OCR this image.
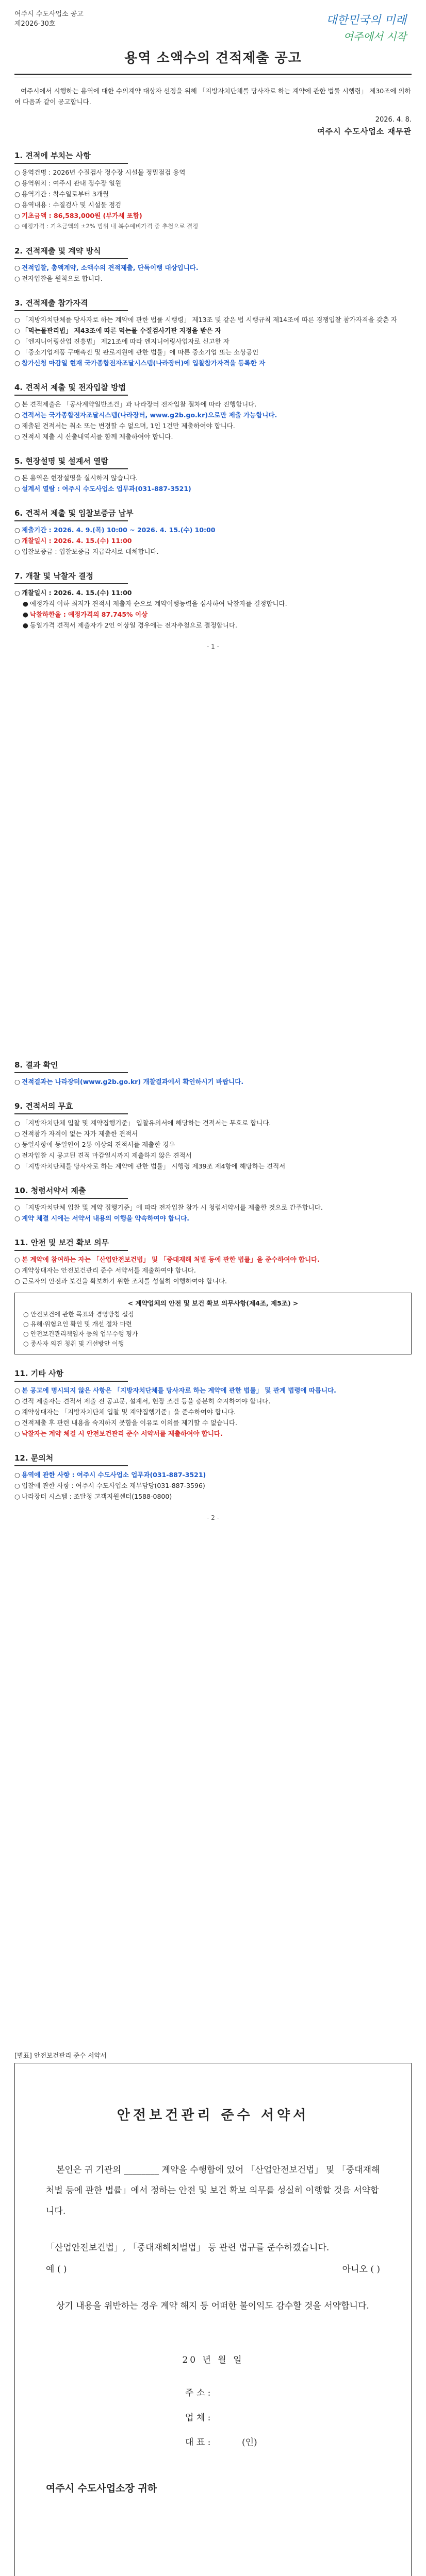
여주시 수도사업소 공고
제2026-30호	대한민국의 미래
여주에서 시작
용역 소액수의 견적제출 공고
여주시에서 시행하는 용역에 대한 수의계약 대상자 선정을 위해 「지방자치단체를 당사자로 하는 계약에 관한 법률 시행령」 제30조에 의하여 다음과 같이 공고합니다.
2026. 4. 8.
여주시 수도사업소 재무관
1. 견적에 부치는 사항
○ 용역건명 : 2026년 수질검사 정수장 시설물 정밀점검 용역
○ 용역위치 : 여주시 관내 정수장 일원
○ 용역기간 : 착수일로부터 3개월
○ 용역내용 : 수질검사 및 시설물 점검
○ 기초금액 : 86,583,000원 (부가세 포함)
○ 예정가격 : 기초금액의 ±2% 범위 내 복수예비가격 중 추첨으로 결정
2. 견적제출 및 계약 방식
○ 견적입찰, 총액계약, 소액수의 견적제출, 단독이행 대상입니다.
○ 전자입찰을 원칙으로 합니다.
3. 견적제출 참가자격
○ 「지방자치단체를 당사자로 하는 계약에 관한 법률 시행령」 제13조 및 같은 법 시행규칙 제14조에 따른 경쟁입찰 참가자격을 갖춘 자
○ 「먹는물관리법」 제43조에 따른 먹는물 수질검사기관 지정을 받은 자
○ 「엔지니어링산업 진흥법」 제21조에 따라 엔지니어링사업자로 신고한 자
○ 「중소기업제품 구매촉진 및 판로지원에 관한 법률」에 따른 중소기업 또는 소상공인
○ 참가신청 마감일 현재 국가종합전자조달시스템(나라장터)에 입찰참가자격을 등록한 자
4. 견적서 제출 및 전자입찰 방법
○ 본 견적제출은 「공사계약일반조건」과 나라장터 전자입찰 절차에 따라 진행합니다.
○ 견적서는 국가종합전자조달시스템(나라장터, www.g2b.go.kr)으로만 제출 가능합니다.
○ 제출된 견적서는 취소 또는 변경할 수 없으며, 1인 1건만 제출하여야 합니다.
○ 견적서 제출 시 산출내역서를 함께 제출하여야 합니다.
5. 현장설명 및 설계서 열람
○ 본 용역은 현장설명을 실시하지 않습니다.
○ 설계서 열람 : 여주시 수도사업소 업무과(031-887-3521)
6. 견적서 제출 및 입찰보증금 납부
○ 제출기간 : 2026. 4. 9.(목) 10:00 ~ 2026. 4. 15.(수) 10:00
○ 개찰일시 : 2026. 4. 15.(수) 11:00
○ 입찰보증금 : 입찰보증금 지급각서로 대체합니다.
7. 개찰 및 낙찰자 결정
○ 개찰일시 : 2026. 4. 15.(수) 11:00
● 예정가격 이하 최저가 견적서 제출자 순으로 계약이행능력을 심사하여 낙찰자를 결정합니다.
● 낙찰하한율 : 예정가격의 87.745% 이상
● 동일가격 견적서 제출자가 2인 이상일 경우에는 전자추첨으로 결정합니다.
- 1 -
8. 결과 확인
○ 견적결과는 나라장터(www.g2b.go.kr) 개찰결과에서 확인하시기 바랍니다.
9. 견적서의 무효
○ 「지방자치단체 입찰 및 계약집행기준」 입찰유의서에 해당하는 견적서는 무효로 합니다.
○ 견적참가 자격이 없는 자가 제출한 견적서
○ 동일사항에 동일인이 2통 이상의 견적서를 제출한 경우
○ 전자입찰 시 공고된 견적 마감일시까지 제출하지 않은 견적서
○ 「지방자치단체를 당사자로 하는 계약에 관한 법률」 시행령 제39조 제4항에 해당하는 견적서
10. 청렴서약서 제출
○ 「지방자치단체 입찰 및 계약 집행기준」에 따라 전자입찰 참가 시 청렴서약서를 제출한 것으로 간주합니다.
○ 계약 체결 시에는 서약서 내용의 이행을 약속하여야 합니다.
11. 안전 및 보건 확보 의무
○ 본 계약에 참여하는 자는 「산업안전보건법」 및 「중대재해 처벌 등에 관한 법률」을 준수하여야 합니다.
○ 계약상대자는 안전보건관리 준수 서약서를 제출하여야 합니다.
○ 근로자의 안전과 보건을 확보하기 위한 조치를 성실히 이행하여야 합니다.
< 계약업체의 안전 및 보건 확보 의무사항(제4조, 제5조) >
○ 안전보건에 관한 목표와 경영방침 설정
○ 유해·위험요인 확인 및 개선 절차 마련
○ 안전보건관리책임자 등의 업무수행 평가
○ 종사자 의견 청취 및 개선방안 이행
11. 기타 사항
○ 본 공고에 명시되지 않은 사항은 「지방자치단체를 당사자로 하는 계약에 관한 법률」 및 관계 법령에 따릅니다.
○ 견적 제출자는 견적서 제출 전 공고문, 설계서, 현장 조건 등을 충분히 숙지하여야 합니다.
○ 계약상대자는 「지방자치단체 입찰 및 계약집행기준」을 준수하여야 합니다.
○ 견적제출 후 관련 내용을 숙지하지 못함을 이유로 이의를 제기할 수 없습니다.
○ 낙찰자는 계약 체결 시 안전보건관리 준수 서약서를 제출하여야 합니다.
12. 문의처
○ 용역에 관한 사항 : 여주시 수도사업소 업무과(031-887-3521)
○ 입찰에 관한 사항 : 여주시 수도사업소 재무담당(031-887-3596)
○ 나라장터 시스템 : 조달청 고객지원센터(1588-0800)
- 2 -
[별표] 안전보건관리 준수 서약서
안전보건관리 준수 서약서
본인은 귀 기관의 ________ 계약을 수행함에 있어 「산업안전보건법」 및 「중대재해 처벌 등에 관한 법률」에서 정하는 안전 및 보건 확보 의무를 성실히 이행할 것을 서약합니다.
「산업안전보건법」, 「중대재해처벌법」 등 관련 법규를 준수하겠습니다.
예 ( )	아니오 ( )
상기 내용을 위반하는 경우 계약 해지 등 어떠한 불이익도 감수할 것을 서약합니다.
20 년 월 일
주 소 :
업 체 :
대 표 :	(인)
여주시 수도사업소장 귀하
